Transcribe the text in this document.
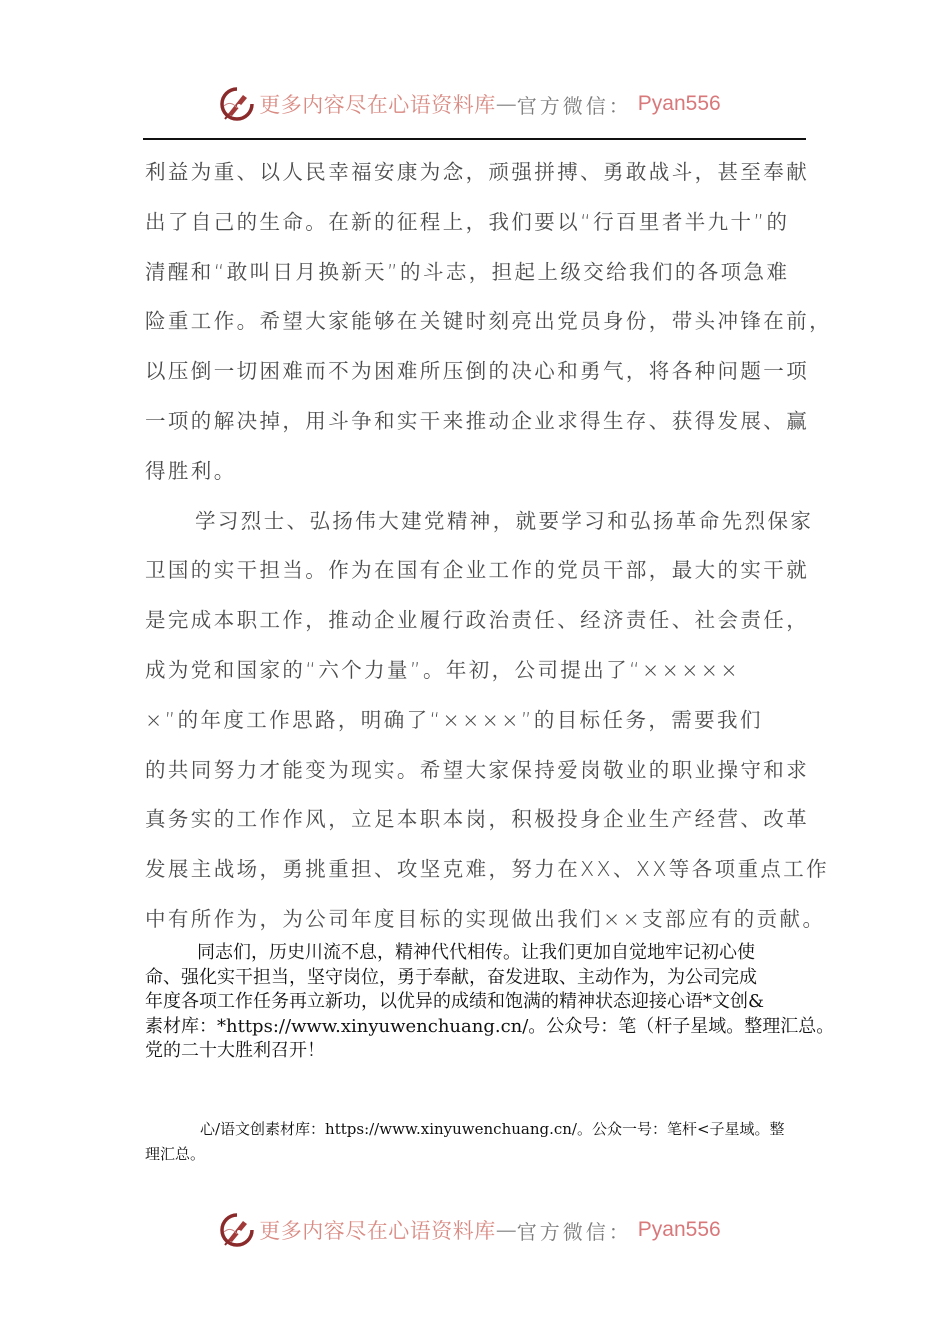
更多内容尽在心语资料库 — 官方微信： Pyan556
利益为重、以人民幸福安康为念，顽强拼搏、勇敢战斗，甚至奉献
出了自己的生命。在新的征程上，我们要以“行百里者半九十”的
清醒和“敢叫日月换新天”的斗志，担起上级交给我们的各项急难
险重工作。希望大家能够在关键时刻亮出党员身份，带头冲锋在前，
以压倒一切困难而不为困难所压倒的决心和勇气，将各种问题一项
一项的解决掉，用斗争和实干来推动企业求得生存、获得发展、赢
得胜利。
学习烈士、弘扬伟大建党精神，就要学习和弘扬革命先烈保家
卫国的实干担当。作为在国有企业工作的党员干部，最大的实干就
是完成本职工作，推动企业履行政治责任、经济责任、社会责任，
成为党和国家的“六个力量”。年初，公司提出了“×××××
×”的年度工作思路，明确了“××××”的目标任务，需要我们
的共同努力才能变为现实。希望大家保持爱岗敬业的职业操守和求
真务实的工作作风，立足本职本岗，积极投身企业生产经营、改革
发展主战场，勇挑重担、攻坚克难，努力在XX、XX等各项重点工作
中有所作为，为公司年度目标的实现做出我们××支部应有的贡献。
同志们，历史川流不息，精神代代相传。让我们更加自觉地牢记初心使
命、强化实干担当，坚守岗位，勇于奉献，奋发进取、主动作为，为公司完成
年度各项工作任务再立新功，以优异的成绩和饱满的精神状态迎接心语*文创&
素材库：*https://www.xinyuwenchuang.cn/。公众号：笔（杆子星域。整理汇总。
党的二十大胜利召开！
心/语文创素材库：https://www.xinyuwenchuang.cn/。公众一号：笔杆<子星域。整
理汇总。
更多内容尽在心语资料库 — 官方微信： Pyan556
